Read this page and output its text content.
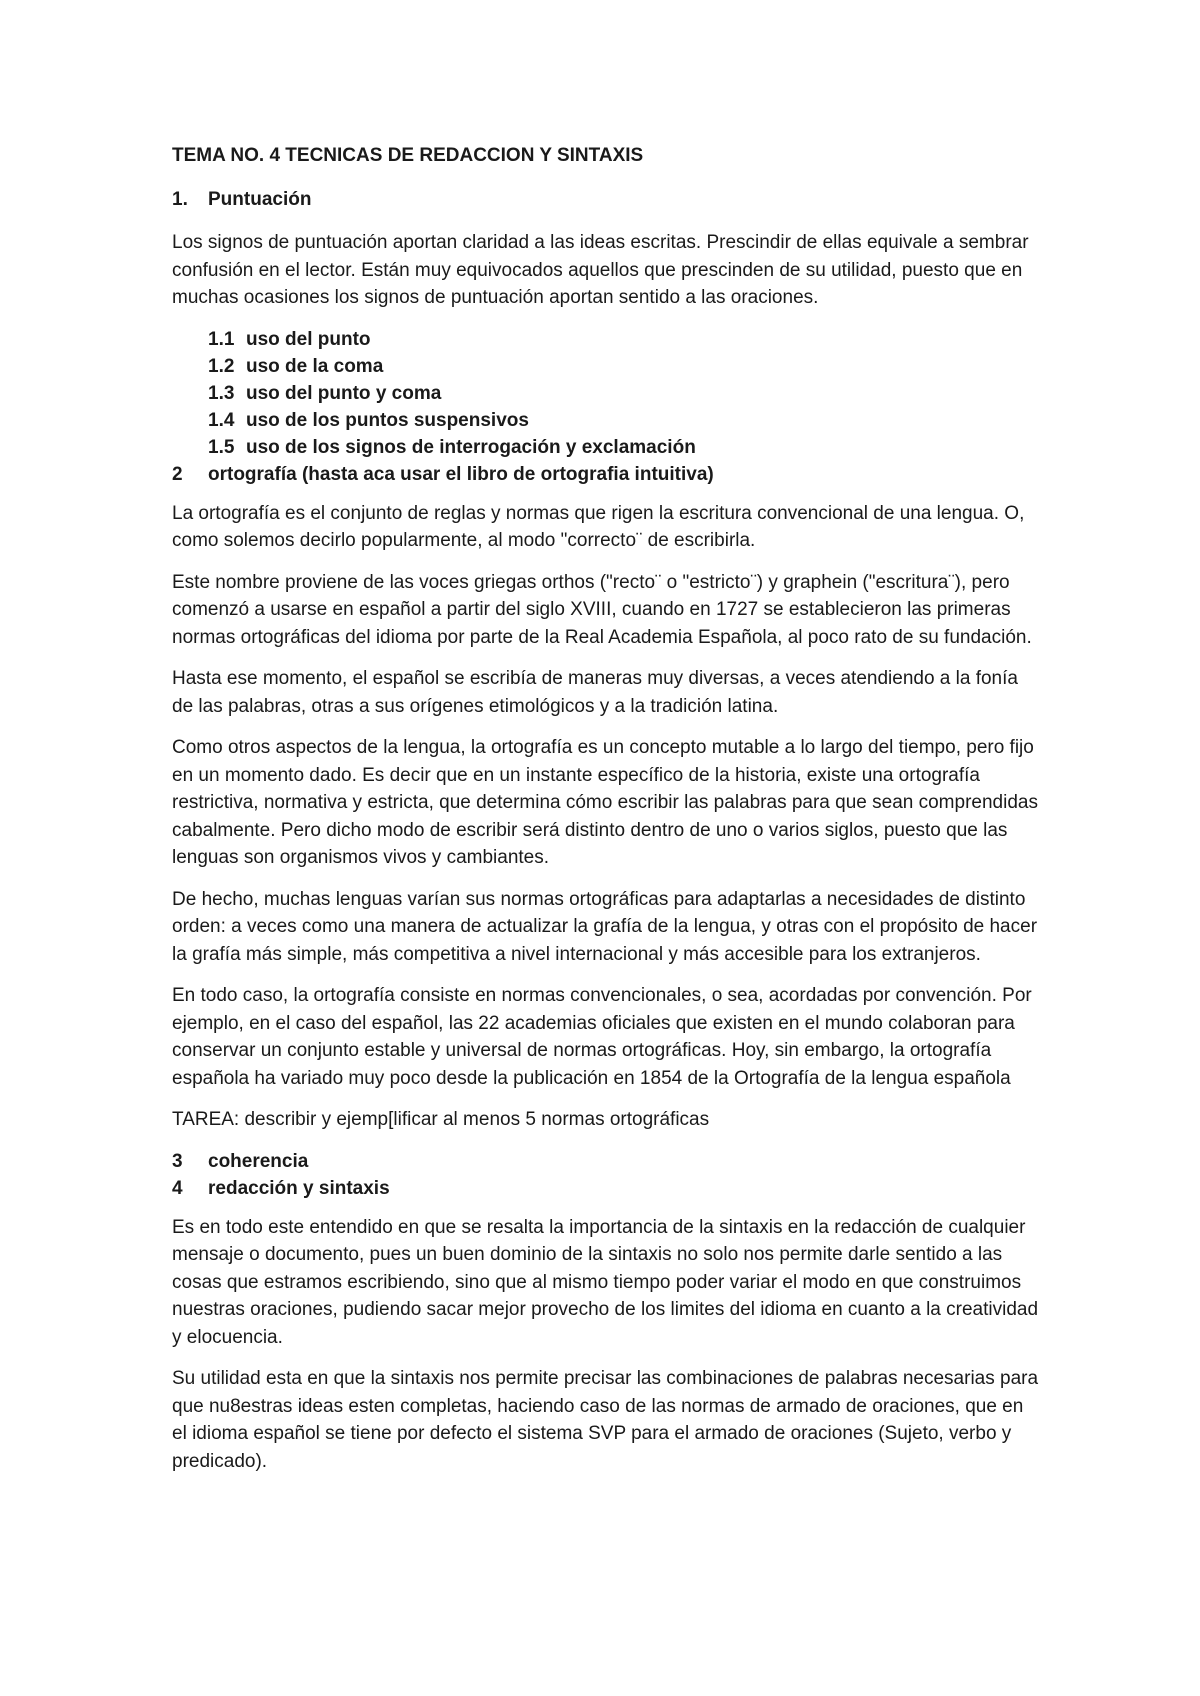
TEMA NO. 4 TECNICAS DE REDACCION Y SINTAXIS
1.	Puntuación

Los signos de puntuación aportan claridad a las ideas escritas. Prescindir de ellas equivale a sembrar confusión en el lector. Están muy equivocados aquellos que prescinden de su utilidad, puesto que en muchas ocasiones los signos de puntuación aportan sentido a las oraciones.

1.1 uso del punto
1.2 uso de la coma
1.3 uso del punto y coma
1.4 uso de los puntos suspensivos
1.5 uso de los signos de interrogación y exclamación
2	ortografía (hasta aca usar el libro de ortografia intuitiva)

La ortografía es el conjunto de reglas y normas que rigen la escritura convencional de una lengua. O, como solemos decirlo popularmente, al modo "correcto¨ de escribirla.

Este nombre proviene de las voces griegas orthos ("recto¨ o "estricto¨) y graphein ("escritura¨), pero comenzó a usarse en español a partir del siglo XVIII, cuando en 1727 se establecieron las primeras normas ortográficas del idioma por parte de la Real Academia Española, al poco rato de su fundación.

Hasta ese momento, el español se escribía de maneras muy diversas, a veces atendiendo a la fonía de las palabras, otras a sus orígenes etimológicos y a la tradición latina.

Como otros aspectos de la lengua, la ortografía es un concepto mutable a lo largo del tiempo, pero fijo en un momento dado. Es decir que en un instante específico de la historia, existe una ortografía restrictiva, normativa y estricta, que determina cómo escribir las palabras para que sean comprendidas cabalmente. Pero dicho modo de escribir será distinto dentro de uno o varios siglos, puesto que las lenguas son organismos vivos y cambiantes.

De hecho, muchas lenguas varían sus normas ortográficas para adaptarlas a necesidades de distinto orden: a veces como una manera de actualizar la grafía de la lengua, y otras con el propósito de hacer la grafía más simple, más competitiva a nivel internacional y más accesible para los extranjeros.

En todo caso, la ortografía consiste en normas convencionales, o sea, acordadas por convención. Por ejemplo, en el caso del español, las 22 academias oficiales que existen en el mundo colaboran para conservar un conjunto estable y universal de normas ortográficas. Hoy, sin embargo, la ortografía española ha variado muy poco desde la publicación en 1854 de la Ortografía de la lengua española

TAREA: describir y ejemp[lificar al menos 5 normas ortográficas

3	coherencia
4	redacción y sintaxis

Es en todo este entendido en que se resalta la importancia de la sintaxis en la redacción de cualquier mensaje o documento, pues un buen dominio de la sintaxis no solo nos permite darle sentido a las cosas que estramos escribiendo, sino que al mismo tiempo poder variar el modo en que construimos nuestras oraciones, pudiendo sacar mejor provecho de los limites del idioma en cuanto a la creatividad y elocuencia.

Su utilidad esta en que la sintaxis nos permite precisar las combinaciones de palabras necesarias para que nu8estras ideas esten completas, haciendo caso de las normas de armado de oraciones, que en el idioma español se tiene por defecto el sistema SVP para el armado de oraciones (Sujeto, verbo y predicado).
